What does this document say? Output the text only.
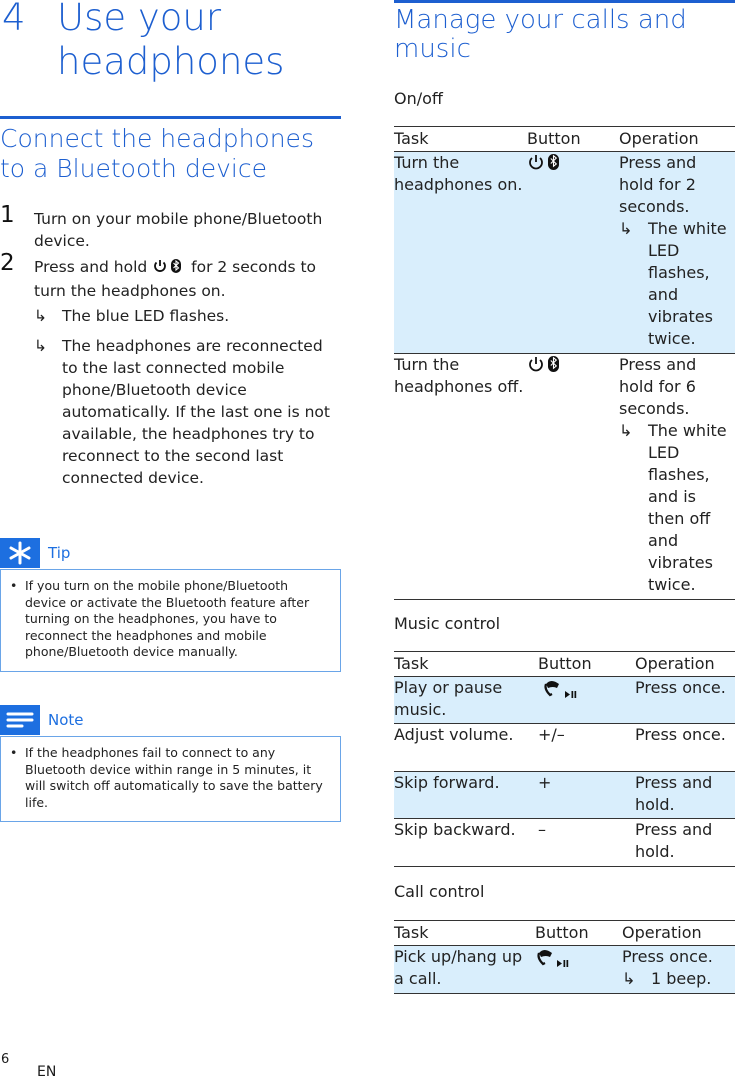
4 Use your headphones
Connect the headphones to a Bluetooth device
1 Turn on your mobile phone/Bluetooth device.
2 Press and hold	for 2 seconds to turn the headphones on.
↳ The blue LED flashes.
↳ The headphones are reconnected to the last connected mobile phone/Bluetooth device automatically. If the last one is not available, the headphones try to reconnect to the second last connected device.
Tip
• If you turn on the mobile phone/Bluetooth device or activate the Bluetooth feature after turning on the headphones, you have to reconnect the headphones and mobile phone/Bluetooth device manually.
Note
• If the headphones fail to connect to any Bluetooth device within range in 5 minutes, it will switch off automatically to save the battery life.
6
EN
Manage your calls and music
On/off
Task	Button	Operation
Turn the headphones on.		Press and hold for 2 seconds.
↳ The white LED flashes, and vibrates twice.

Turn the headphones off.		Press and hold for 6 seconds.
↳ The white LED flashes, and is then off and vibrates twice.
Music control
Task	Button	Operation
Play or pause music.		Press once.
Adjust volume.	+/–	Press once.
Skip forward.	+	Press and hold.
Skip backward.	–	Press and hold.
Call control
Task	Button	Operation
Pick up/hang up a call.		Press once.
↳ 1 beep.
